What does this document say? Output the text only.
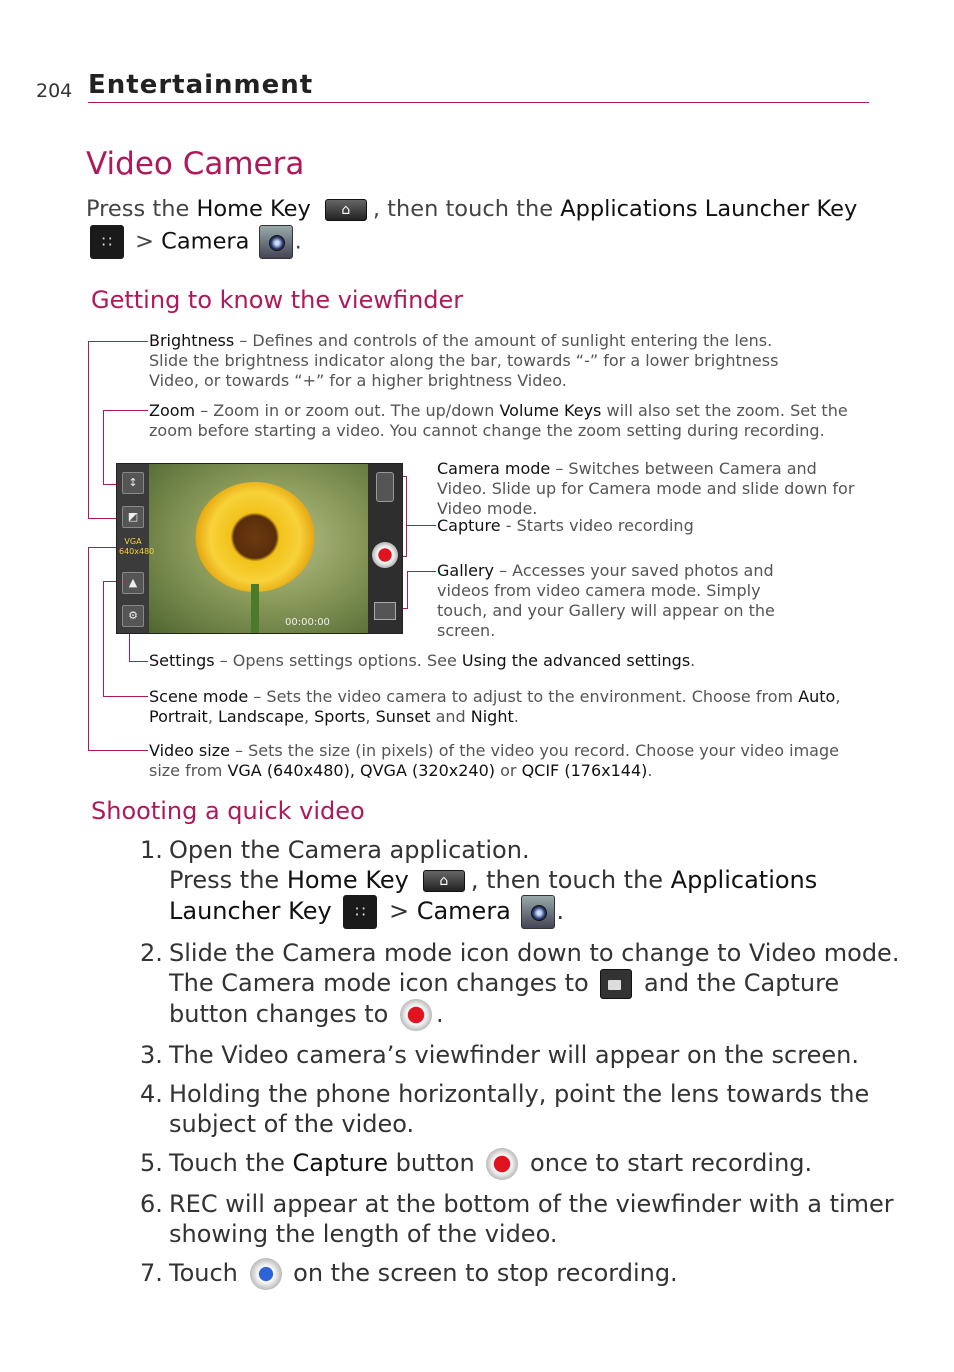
204 Entertainment
Video Camera
Press the Home Key ⌂	, then touch the Applications Launcher Key ∷ > Camera .
Getting to know the viewfinder
Brightness – Defines and controls of the amount of sunlight entering the lens. Slide the brightness indicator along the bar, towards “-” for a lower brightness Video, or towards “+” for a higher brightness Video.
Zoom – Zoom in or zoom out. The up/down Volume Keys will also set the zoom. Set the zoom before starting a video. You cannot change the zoom setting during recording.
Camera mode – Switches between Camera and Video. Slide up for Camera mode and slide down for Video mode.
Capture - Starts video recording
Gallery – Accesses your saved photos and videos from video camera mode. Simply touch, and your Gallery will appear on the screen.
Settings – Opens settings options. See Using the advanced settings.
Scene mode – Sets the video camera to adjust to the environment. Choose from Auto, Portrait, Landscape, Sports, Sunset and Night.
Video size – Sets the size (in pixels) of the video you record. Choose your video image size from VGA (640x480), QVGA (320x240) or QCIF (176x144).
↕
◩
VGA
640x480
▲
⚙
00:00:00
Shooting a quick video
1. Open the Camera application.
Press the Home Key ⌂	, then touch the Applications Launcher Key ∷ > Camera .
2. Slide the Camera mode icon down to change to Video mode. The Camera mode icon changes to  and the Capture button changes to .
3. The Video camera’s viewfinder will appear on the screen.
4. Holding the phone horizontally, point the lens towards the subject of the video.
5. Touch the Capture button  once to start recording.
6. REC will appear at the bottom of the viewfinder with a timer showing the length of the video.
7. Touch  on the screen to stop recording.
